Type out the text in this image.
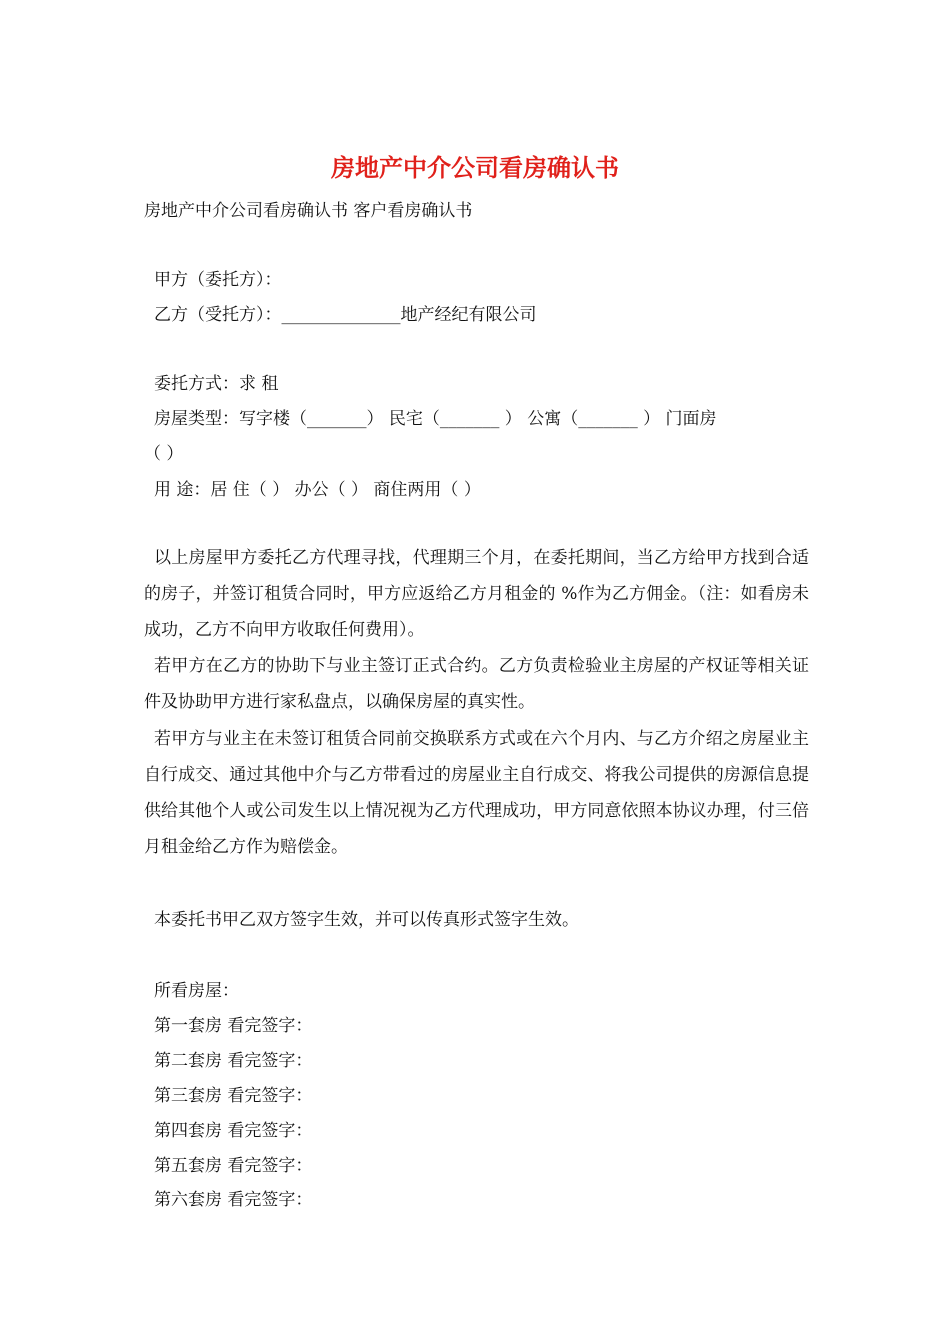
房地产中介公司看房确认书
房地产中介公司看房确认书 客户看房确认书
甲方（委托方）：
乙方（受托方）：______________地产经纪有限公司
委托方式：求 租
房屋类型：写字楼（_______） 民宅（_______ ） 公寓（_______ ） 门面房
（ ）
用 途：居 住（ ） 办公（ ） 商住两用（ ）
以上房屋甲方委托乙方代理寻找，代理期三个月，在委托期间，当乙方给甲方找到合适的房子，并签订租赁合同时，甲方应返给乙方月租金的 %作为乙方佣金。（注：如看房未成功，乙方不向甲方收取任何费用）。
若甲方在乙方的协助下与业主签订正式合约。乙方负责检验业主房屋的产权证等相关证件及协助甲方进行家私盘点，以确保房屋的真实性。
若甲方与业主在未签订租赁合同前交换联系方式或在六个月内、与乙方介绍之房屋业主自行成交、通过其他中介与乙方带看过的房屋业主自行成交、将我公司提供的房源信息提供给其他个人或公司发生以上情况视为乙方代理成功，甲方同意依照本协议办理，付三倍月租金给乙方作为赔偿金。
本委托书甲乙双方签字生效，并可以传真形式签字生效。
所看房屋：
第一套房 看完签字：
第二套房 看完签字：
第三套房 看完签字：
第四套房 看完签字：
第五套房 看完签字：
第六套房 看完签字：
